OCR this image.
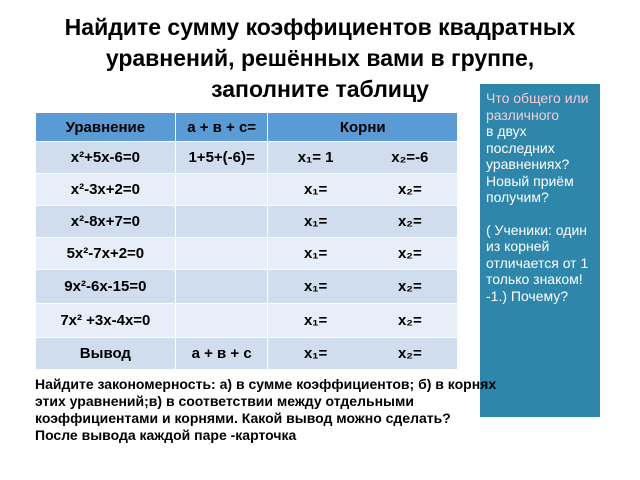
Найдите сумму коэффициентов квадратных
уравнений, решённых вами в группе,
заполните таблицу
Уравнение	а + в + с=	Корни
х²+5х-6=0	1+5+(-6)=	х₁= 1 х₂=-6

х²-3х+2=0		х₁= х₂=

х²-8х+7=0		х₁= х₂=

5х²-7х+2=0		х₁= х₂=

9х²-6х-15=0		х₁= х₂=

7х² +3х-4х=0		х₁= х₂=

Вывод	а + в + с	х₁= х₂=
Что общего или различного
в двух последних уравнениях? Новый приём получим?
( Ученики: один из корней отличается от 1 только знаком! -1.) Почему?
Найдите закономерность: а) в сумме коэффициентов; б) в корнях
этих уравнений;в) в соответствии между отдельными
коэффициентами и корнями. Какой вывод можно сделать?
После вывода каждой паре -карточка
